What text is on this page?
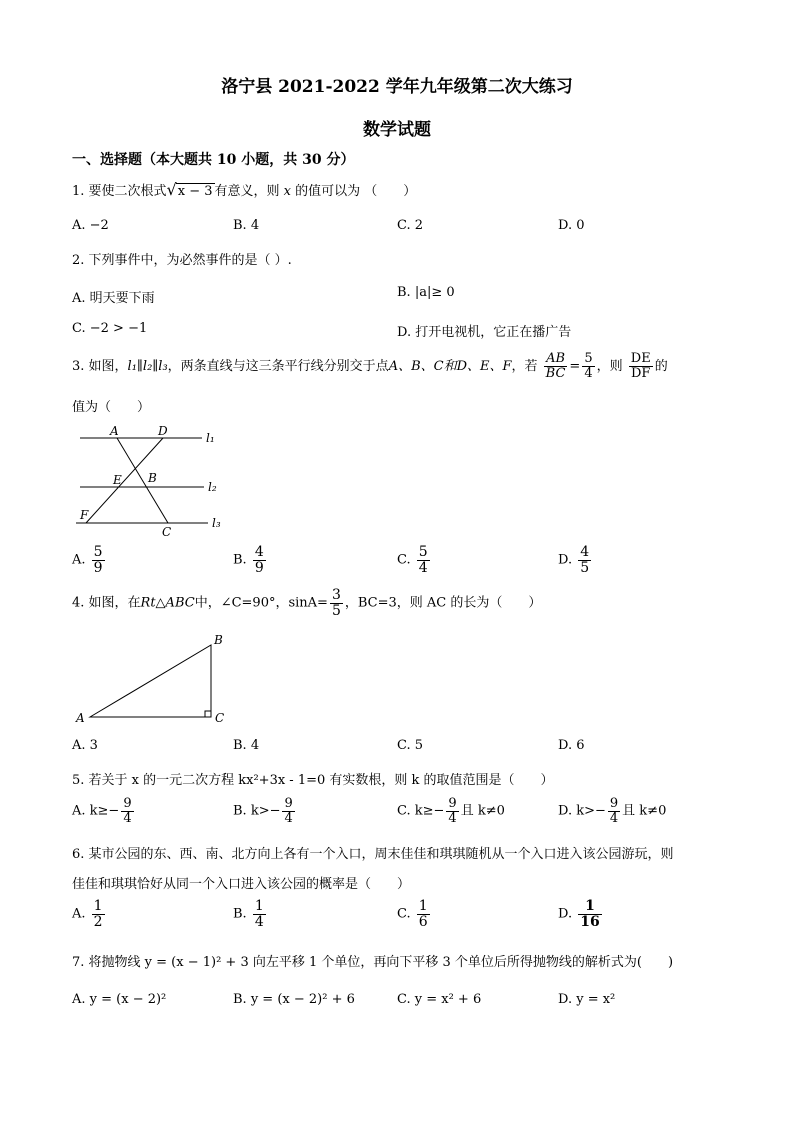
洛宁县 2021-2022 学年九年级第二次大练习
数学试题
一、选择题（本大题共 10 小题，共 30 分）
1. 要使二次根式√x − 3 有意义，则 x 的值可以为 （　　）
A. −2	B. 4	C. 2	D. 0
2. 下列事件中，为必然事件的是（ ）.
A. 明天要下雨	B. |a|≥ 0
C. −2 > −1	D. 打开电视机，它正在播广告
3. 如图，l₁∥l₂∥l₃，两条直线与这三条平行线分别交于点A、B、C和D、E、F，若 $\frac{AB}{BC} = \frac{5}{4}$ ，则 $\frac{DE}{DF}$ 的
值为（　　）
A	D	l₁
E B
l₂
F
C
l₃
A. $\frac{5}{9}$	B. $\frac{4}{9}$	C. $\frac{5}{4}$	D. $\frac{4}{5}$
4. 如图，在Rt△ABC中，∠C=90°，$\sin A= \frac{3}{5}$ ，BC=3，则 AC 的长为（　　）
A
B
C
A. 3	B. 4	C. 5	D. 6
5. 若关于 x 的一元二次方程 kx²+3x - 1=0 有实数根，则 k 的取值范围是（　　）
A. $k\ge- \frac{9}{4}$	B. $k>- \frac{9}{4}$	C. $k\ge- \frac{9}{4}$ 且 k≠0	D. $k>- \frac{9}{4}$ 且 k≠0
6. 某市公园的东、西、南、北方向上各有一个入口，周末佳佳和琪琪随机从一个入口进入该公园游玩，则
佳佳和琪琪恰好从同一个入口进入该公园的概率是（　　）
A. $\frac{1}{2}$	B. $\frac{1}{4}$	C. $\frac{1}{6}$	D. $\frac{1}{16}$
7. 将抛物线 y = (x − 1)² + 3 向左平移 1 个单位，再向下平移 3 个单位后所得抛物线的解析式为(　　)
A. y = (x − 2)²	B. y = (x − 2)² + 6	C. y = x² + 6	D. y = x²
